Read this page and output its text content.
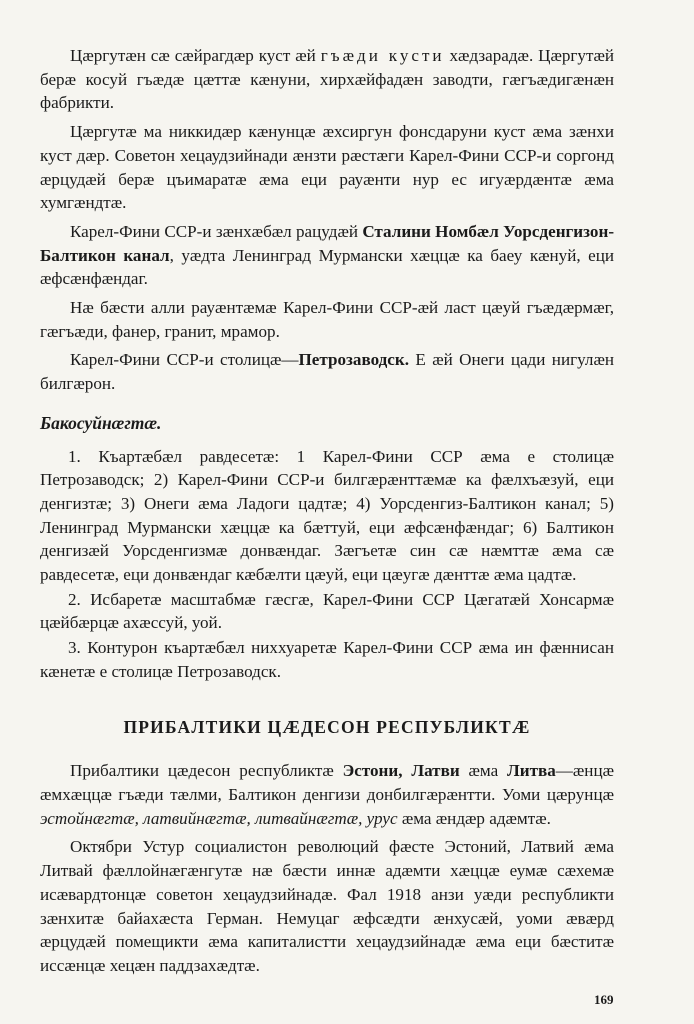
Цæргутæн сæ сæйрагдæр куст æй гъæди кусти хæдзарадæ. Цæргутæй берæ косуй гъæдæ цæттæ кæнуни, хирхæйфадæн заводти, гæгъæдигæнæн фабрикти.

Цæргутæ ма никкидæр кæнунцæ æхсиргун фонсдаруни куст æма зæнхи куст дæр. Советон хецаудзийнади æнзти рæстæги Карел-Фини ССР-и соргонд æрцудæй берæ цъимаратæ æма еци рауæнти нур ес игуæрдæнтæ æма хумгæндтæ.

Карел-Фини ССР-и зæнхæбæл рацудæй Сталини Номбæл Уорсденгизон-Балтикон канал, уæдта Ленинград Мурмански хæццæ ка баеу кæнуй, еци æфсæнфæндаг.

Нæ бæсти алли рауæнтæмæ Карел-Фини ССР-æй ласт цæуй гъæдæрмæг, гæгъæди, фанер, гранит, мрамор.

Карел-Фини ССР-и столицæ—Петрозаводск. Е æй Онеги цади нигулæн билгæрон.

Бакосуйнæгтæ.

1. Къартæбæл равдесетæ: 1 Карел-Фини ССР æма е столицæ Петрозаводск; 2) Карел-Фини ССР-и билгæрæнттæмæ ка фæлхъæзуй, еци денгизтæ; 3) Онеги æма Ладоги цадтæ; 4) Уорсденгиз-Балтикон канал; 5) Ленинград Мурмански хæццæ ка бæттуй, еци æфсæнфæндаг; 6) Балтикон денгизæй Уорсденгизмæ донвæндаг. Зæгъетæ син сæ нæмттæ æма сæ равдесетæ, еци донвæндаг кæбæлти цæуй, еци цæугæ дæнттæ æма цадтæ.

2. Исбаретæ масштабмæ гæсгæ, Карел-Фини ССР Цæгатæй Хонсармæ цæйбæрцæ ахæссуй, уой.

3. Контурон къартæбæл ниххуаретæ Карел-Фини ССР æма ин фæннисан кæнетæ е столицæ Петрозаводск.

ПРИБАЛТИКИ ЦÆДЕСОН РЕСПУБЛИКТÆ

Прибалтики цæдесон республиктæ Эстони, Латви æма Литва—æнцæ æмхæццæ гъæди тæлми, Балтикон денгизи донбилгæрæнтти. Уоми цæрунцæ эстойнæгтæ, латвийнæгтæ, литвайнæгтæ, урус æма æндæр адæмтæ.

Октябри Устур социалистон революций фæсте Эстоний, Латвий æма Литвай фæллойнæгæнгутæ нæ бæсти иннæ адæмти хæццæ еумæ сæхемæ исæвардтонцæ советон хецаудзийнадæ. Фал 1918 анзи уæди республикти зæнхитæ байахæста Герман. Немуцаг æфсæдти æнхусæй, уоми æвæрд æрцудæй помещикти æма капиталистти хецаудзийнадæ æма еци бæститæ иссæнцæ хецæн паддзахæдтæ.

169
